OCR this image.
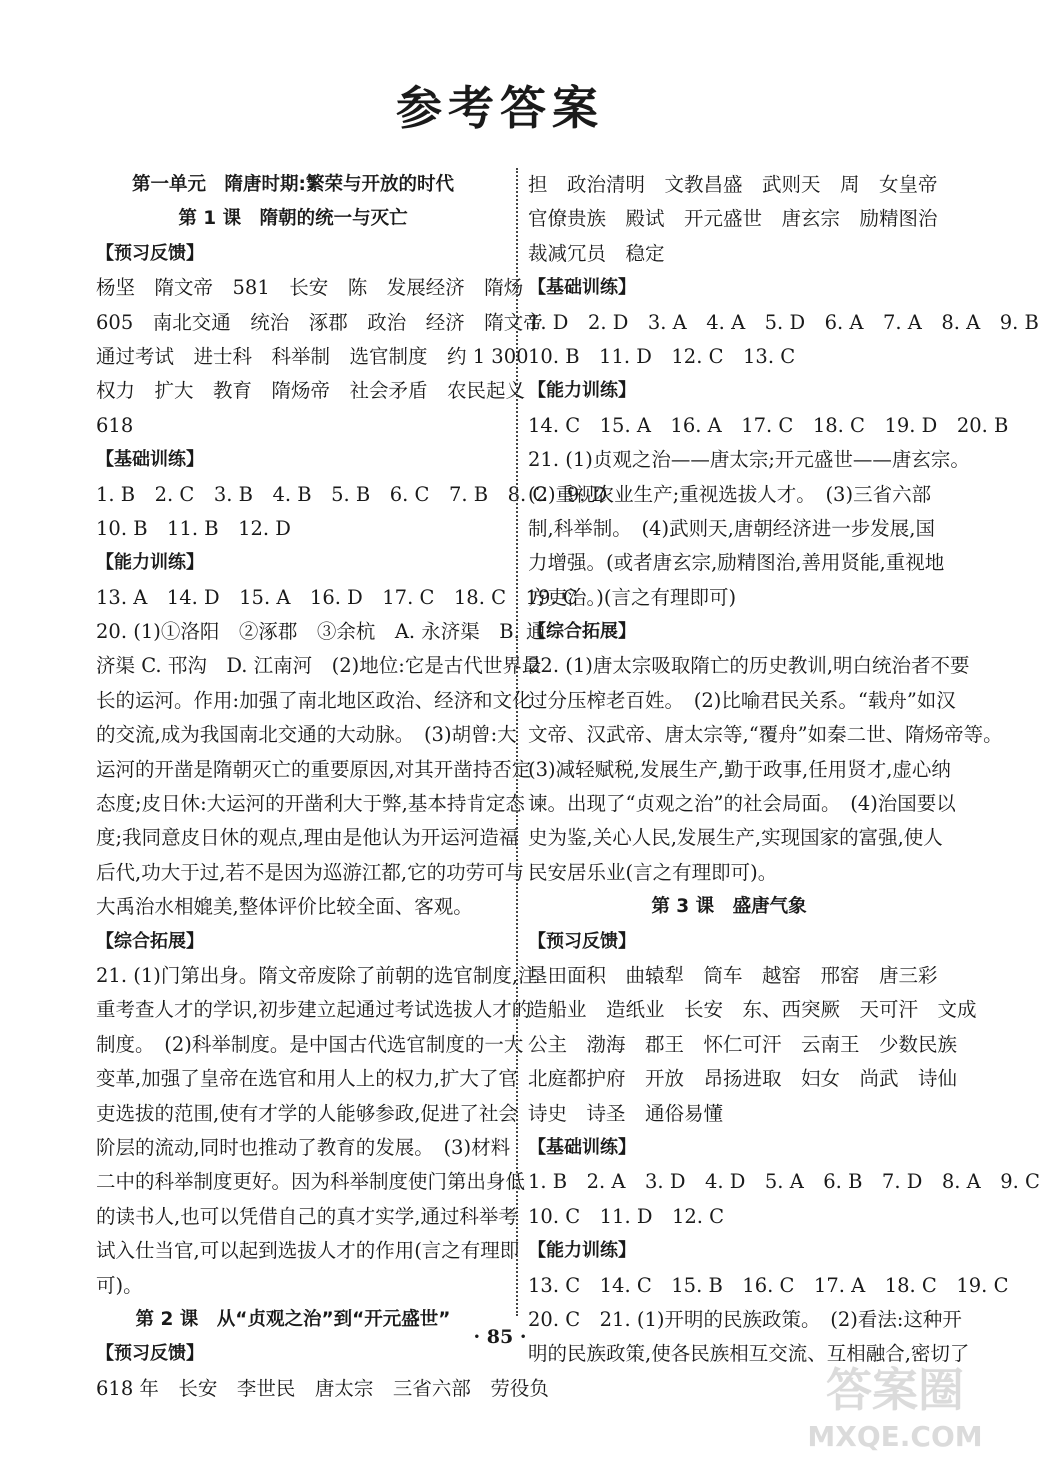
参考答案
第一单元　隋唐时期:繁荣与开放的时代
第 1 课　隋朝的统一与灭亡
【预习反馈】
杨坚　隋文帝　581　长安　陈　发展经济　隋炀
605　南北交通　统治　涿郡　政治　经济　隋文帝
通过考试　进士科　科举制　选官制度　约 1 300
权力　扩大　教育　隋炀帝　社会矛盾　农民起义
618
【基础训练】
1. B　2. C　3. B　4. B　5. B　6. C　7. B　8. C　9. D
10. B　11. B　12. D
【能力训练】
13. A　14. D　15. A　16. D　17. C　18. C　19. C
20. (1)①洛阳　②涿郡　③余杭　A. 永济渠　B. 通
济渠 C. 邗沟　D. 江南河　(2)地位:它是古代世界最
长的运河。作用:加强了南北地区政治、经济和文化
的交流,成为我国南北交通的大动脉。　(3)胡曾:大
运河的开凿是隋朝灭亡的重要原因,对其开凿持否定
态度;皮日休:大运河的开凿利大于弊,基本持肯定态
度;我同意皮日休的观点,理由是他认为开运河造福
后代,功大于过,若不是因为巡游江都,它的功劳可与
大禹治水相媲美,整体评价比较全面、客观。
【综合拓展】
21. (1)门第出身。隋文帝废除了前朝的选官制度,注
重考查人才的学识,初步建立起通过考试选拔人才的
制度。　(2)科举制度。是中国古代选官制度的一大
变革,加强了皇帝在选官和用人上的权力,扩大了官
吏选拔的范围,使有才学的人能够参政,促进了社会
阶层的流动,同时也推动了教育的发展。　(3)材料
二中的科举制度更好。因为科举制度使门第出身低
的读书人,也可以凭借自己的真才实学,通过科举考
试入仕当官,可以起到选拔人才的作用(言之有理即
可)。
第 2 课　从“贞观之治”到“开元盛世”
【预习反馈】
618 年　长安　李世民　唐太宗　三省六部　劳役负
担　政治清明　文教昌盛　武则天　周　女皇帝
官僚贵族　殿试　开元盛世　唐玄宗　励精图治
裁减冗员　稳定
【基础训练】
1. D　2. D　3. A　4. A　5. D　6. A　7. A　8. A　9. B
10. B　11. D　12. C　13. C
【能力训练】
14. C　15. A　16. A　17. C　18. C　19. D　20. B
21. (1)贞观之治——唐太宗;开元盛世——唐玄宗。
(2)重视农业生产;重视选拔人才。　(3)三省六部
制,科举制。　(4)武则天,唐朝经济进一步发展,国
力增强。(或者唐玄宗,励精图治,善用贤能,重视地
方吏治。)(言之有理即可)
【综合拓展】
22. (1)唐太宗吸取隋亡的历史教训,明白统治者不要
过分压榨老百姓。　(2)比喻君民关系。“载舟”如汉
文帝、汉武帝、唐太宗等,“覆舟”如秦二世、隋炀帝等。
(3)减轻赋税,发展生产,勤于政事,任用贤才,虚心纳
谏。出现了“贞观之治”的社会局面。　(4)治国要以
史为鉴,关心人民,发展生产,实现国家的富强,使人
民安居乐业(言之有理即可)。
第 3 课　盛唐气象
【预习反馈】
垦田面积　曲辕犁　筒车　越窑　邢窑　唐三彩
造船业　造纸业　长安　东、西突厥　天可汗　文成
公主　渤海　郡王　怀仁可汗　云南王　少数民族
北庭都护府　开放　昂扬进取　妇女　尚武　诗仙
诗史　诗圣　通俗易懂
【基础训练】
1. B　2. A　3. D　4. D　5. A　6. B　7. D　8. A　9. C
10. C　11. D　12. C
【能力训练】
13. C　14. C　15. B　16. C　17. A　18. C　19. C
20. C　21. (1)开明的民族政策。　(2)看法:这种开
明的民族政策,使各民族相互交流、互相融合,密切了
· 85 ·
答案圈
MXQE.COM
